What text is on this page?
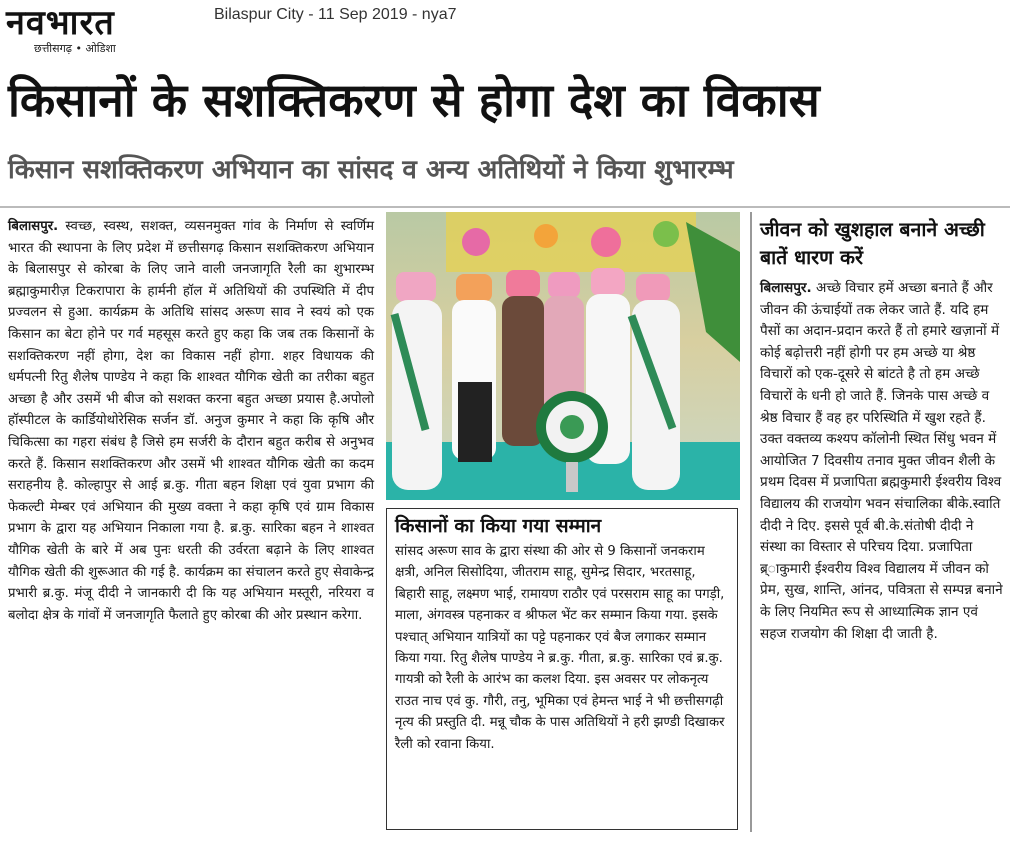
नवभारत
छत्तीसगढ़ • ओडिशा
Bilaspur City - 11 Sep 2019 - nya7
किसानों के सशक्तिकरण से होगा देश का विकास
किसान सशक्तिकरण अभियान का सांसद व अन्य अतिथियों ने किया शुभारम्भ
बिलासपुर. स्वच्छ, स्वस्थ, सशक्त, व्यसनमुक्त गांव के निर्माण से स्वर्णिम भारत की स्थापना के लिए प्रदेश में छत्तीसगढ़ किसान सशक्तिकरण अभियान के बिलासपुर से कोरबा के लिए जाने वाली जनजागृति रैली का शुभारम्भ ब्रह्माकुमारीज़ टिकरापारा के हार्मनी हॉल में अतिथियों की उपस्थिति में दीप प्रज्वलन से हुआ. कार्यक्रम के अतिथि सांसद अरूण साव ने स्वयं को एक किसान का बेटा होने पर गर्व महसूस करते हुए कहा कि जब तक किसानों के सशक्तिकरण नहीं होगा, देश का विकास नहीं होगा. शहर विधायक की धर्मपत्नी रितु शैलेष पाण्डेय ने कहा कि शाश्वत यौगिक खेती का तरीका बहुत अच्छा है और उसमें भी बीज को सशक्त करना बहुत अच्छा प्रयास है.अपोलो हॉस्पीटल के कार्डियोथोरेसिक सर्जन डॉ. अनुज कुमार ने कहा कि कृषि और चिकित्सा का गहरा संबंध है जिसे हम सर्जरी के दौरान बहुत करीब से अनुभव करते हैं. किसान सशक्तिकरण और उसमें भी शाश्वत यौगिक खेती का कदम सराहनीय है. कोल्हापुर से आई ब्र.कु. गीता बहन शिक्षा एवं युवा प्रभाग की फेकल्टी मेम्बर एवं अभियान की मुख्य वक्ता ने कहा कृषि एवं ग्राम विकास प्रभाग के द्वारा यह अभियान निकाला गया है. ब्र.कु. सारिका बहन ने शाश्वत यौगिक खेती के बारे में अब पुनः धरती की उर्वरता बढ़ाने के लिए शाश्वत यौगिक खेती की शुरूआत की गई है. कार्यक्रम का संचालन करते हुए सेवाकेन्द्र प्रभारी ब्र.कु. मंजू दीदी ने जानकारी दी कि यह अभियान मस्तूरी, नरियरा व बलोदा क्षेत्र के गांवों में जनजागृति फैलाते हुए कोरबा की ओर प्रस्थान करेगा.
किसानों का किया गया सम्मान
सांसद अरूण साव के द्वारा संस्था की ओर से 9 किसानों जनकराम क्षत्री, अनिल सिसोदिया, जीतराम साहू, सुमेन्द्र सिदार, भरतसाहू, बिहारी साहू, लक्ष्मण भाई, रामायण राठौर एवं परसराम साहू का पगड़ी, माला, अंगवस्त्र पहनाकर व श्रीफल भेंट कर सम्मान किया गया. इसके पश्चात् अभियान यात्रियों का पट्टे पहनाकर एवं बैज लगाकर सम्मान किया गया. रितु शैलेष पाण्डेय ने ब्र.कु. गीता, ब्र.कु. सारिका एवं ब्र.कु. गायत्री को रैली के आरंभ का कलश दिया. इस अवसर पर लोकनृत्य राउत नाच एवं कु. गौरी, तनु, भूमिका एवं हेमन्त भाई ने भी छत्तीसगढ़ी नृत्य की प्रस्तुति दी. मन्नू चौक के पास अतिथियों ने हरी झण्डी दिखाकर रैली को रवाना किया.
जीवन को खुशहाल बनाने अच्छी बातें धारण करें
बिलासपुर. अच्छे विचार हमें अच्छा बनाते हैं और जीवन की ऊंचाईयों तक लेकर जाते हैं. यदि हम पैसों का अदान-प्रदान करते हैं तो हमारे खज़ानों में कोई बढ़ोत्तरी नहीं होगी पर हम अच्छे या श्रेष्ठ विचारों को एक-दूसरे से बांटते है तो हम अच्छे विचारों के धनी हो जाते हैं. जिनके पास अच्छे व श्रेष्ठ विचार हैं वह हर परिस्थिति में खुश रहते हैं. उक्त वक्तव्य कश्यप कॉलोनी स्थित सिंधु भवन में आयोजित 7 दिवसीय तनाव मुक्त जीवन शैली के प्रथम दिवस में प्रजापिता ब्रह्मकुमारी ईश्वरीय विश्व विद्यालय की राजयोग भवन संचालिका बीके.स्वाति दीदी ने दिए. इससे पूर्व बी.के.संतोषी दीदी ने संस्था का विस्तार से परिचय दिया. प्रजापिता ब्र्ाकुमारी ईश्वरीय विश्व विद्यालय में जीवन को प्रेम, सुख, शान्ति, आंनद, पवित्रता से सम्पन्न बनाने के लिए नियमित रूप से आध्यात्मिक ज्ञान एवं सहज राजयोग की शिक्षा दी जाती है.
